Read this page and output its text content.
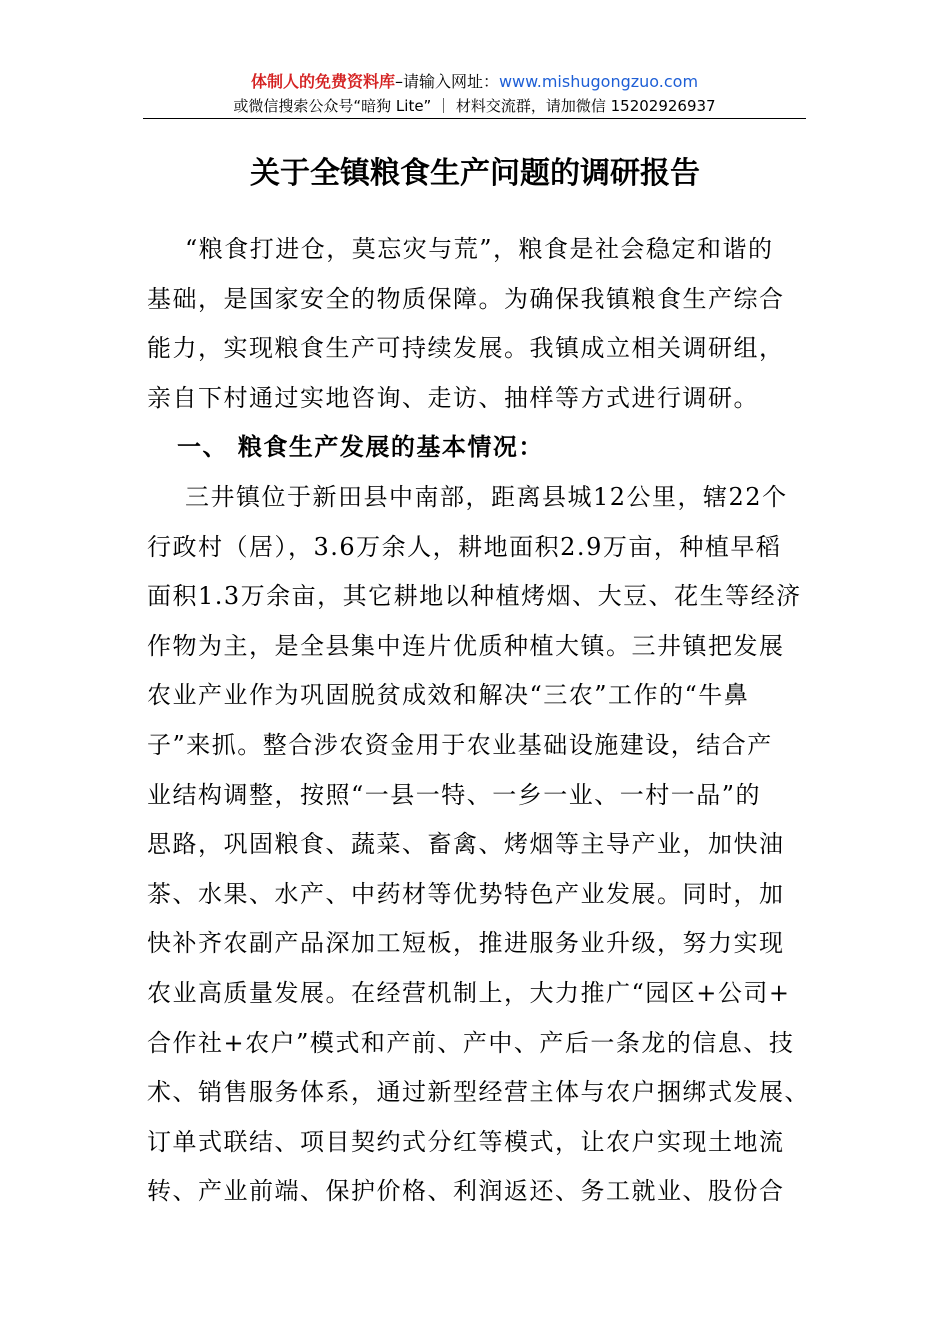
体制人的免费资料库–请输入网址：www.mishugongzuo.com
或微信搜索公众号“暗狗 Lite” ｜ 材料交流群，请加微信 15202926937
关于全镇粮食生产问题的调研报告
“粮食打进仓，莫忘灾与荒”，粮食是社会稳定和谐的
基础，是国家安全的物质保障。为确保我镇粮食生产综合
能力，实现粮食生产可持续发展。我镇成立相关调研组，
亲自下村通过实地咨询、走访、抽样等方式进行调研。
一、 粮食生产发展的基本情况：
三井镇位于新田县中南部，距离县城12公里，辖22个
行政村（居），3.6万余人，耕地面积2.9万亩，种植早稻
面积1.3万余亩，其它耕地以种植烤烟、大豆、花生等经济
作物为主，是全县集中连片优质种植大镇。三井镇把发展
农业产业作为巩固脱贫成效和解决“三农”工作的“牛鼻
子”来抓。整合涉农资金用于农业基础设施建设，结合产
业结构调整，按照“一县一特、一乡一业、一村一品”的
思路，巩固粮食、蔬菜、畜禽、烤烟等主导产业，加快油
茶、水果、水产、中药材等优势特色产业发展。同时，加
快补齐农副产品深加工短板，推进服务业升级，努力实现
农业高质量发展。在经营机制上，大力推广“园区+公司+
合作社+农户”模式和产前、产中、产后一条龙的信息、技
术、销售服务体系，通过新型经营主体与农户捆绑式发展、
订单式联结、项目契约式分红等模式，让农户实现土地流
转、产业前端、保护价格、利润返还、务工就业、股份合
